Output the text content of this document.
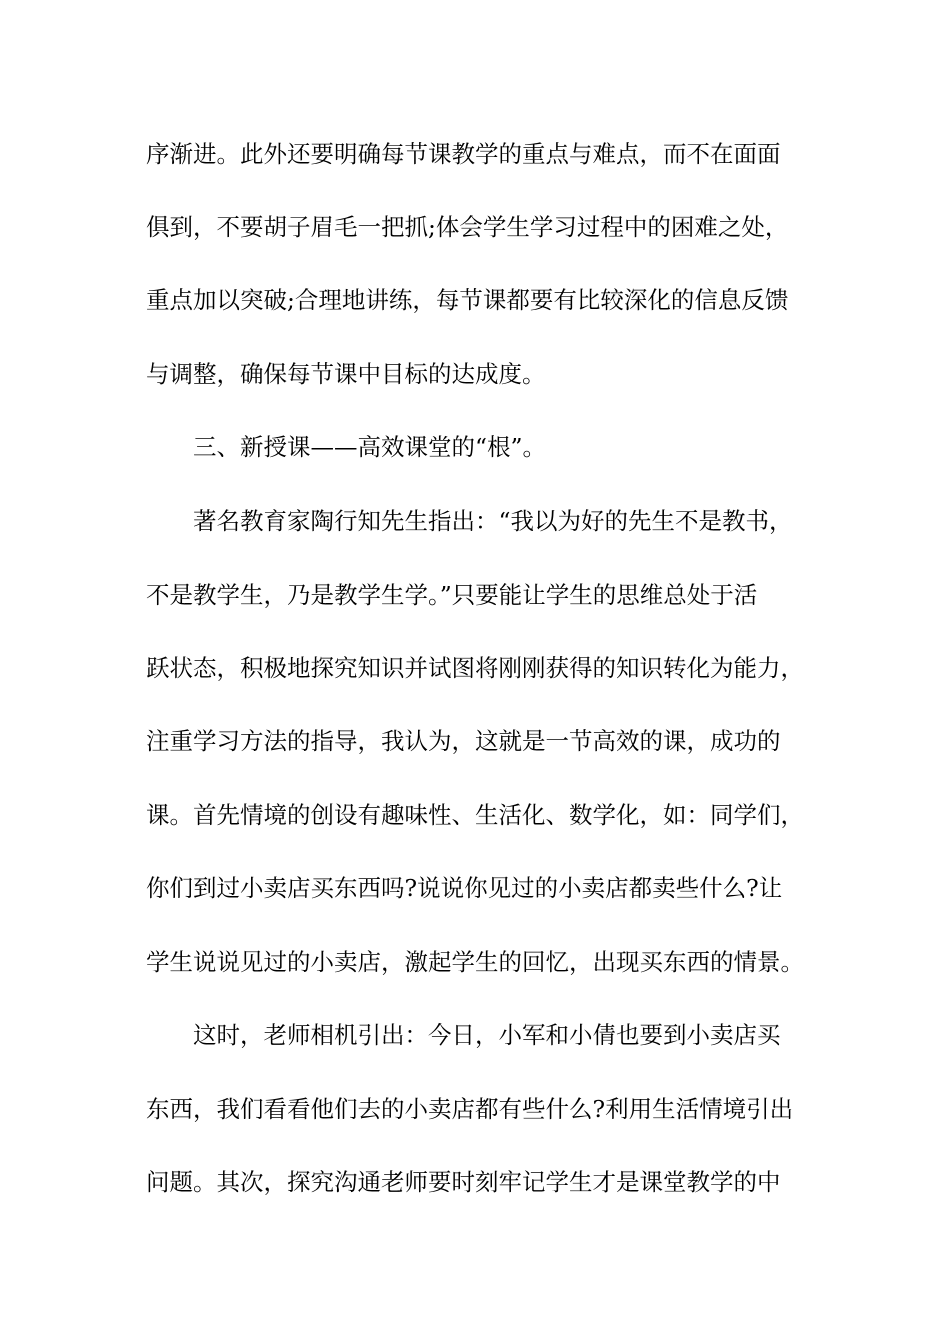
序渐进。此外还要明确每节课教学的重点与难点，而不在面面
俱到，不要胡子眉毛一把抓;体会学生学习过程中的困难之处，
重点加以突破;合理地讲练，每节课都要有比较深化的信息反馈
与调整，确保每节课中目标的达成度。
三、新授课——高效课堂的“根”。
著名教育家陶行知先生指出：“我以为好的先生不是教书，
不是教学生，乃是教学生学。”只要能让学生的思维总处于活
跃状态，积极地探究知识并试图将刚刚获得的知识转化为能力，
注重学习方法的指导，我认为，这就是一节高效的课，成功的
课。首先情境的创设有趣味性、生活化、数学化，如：同学们，
你们到过小卖店买东西吗?说说你见过的小卖店都卖些什么?让
学生说说见过的小卖店，激起学生的回忆，出现买东西的情景。
这时，老师相机引出：今日，小军和小倩也要到小卖店买
东西，我们看看他们去的小卖店都有些什么?利用生活情境引出
问题。其次，探究沟通老师要时刻牢记学生才是课堂教学的中
